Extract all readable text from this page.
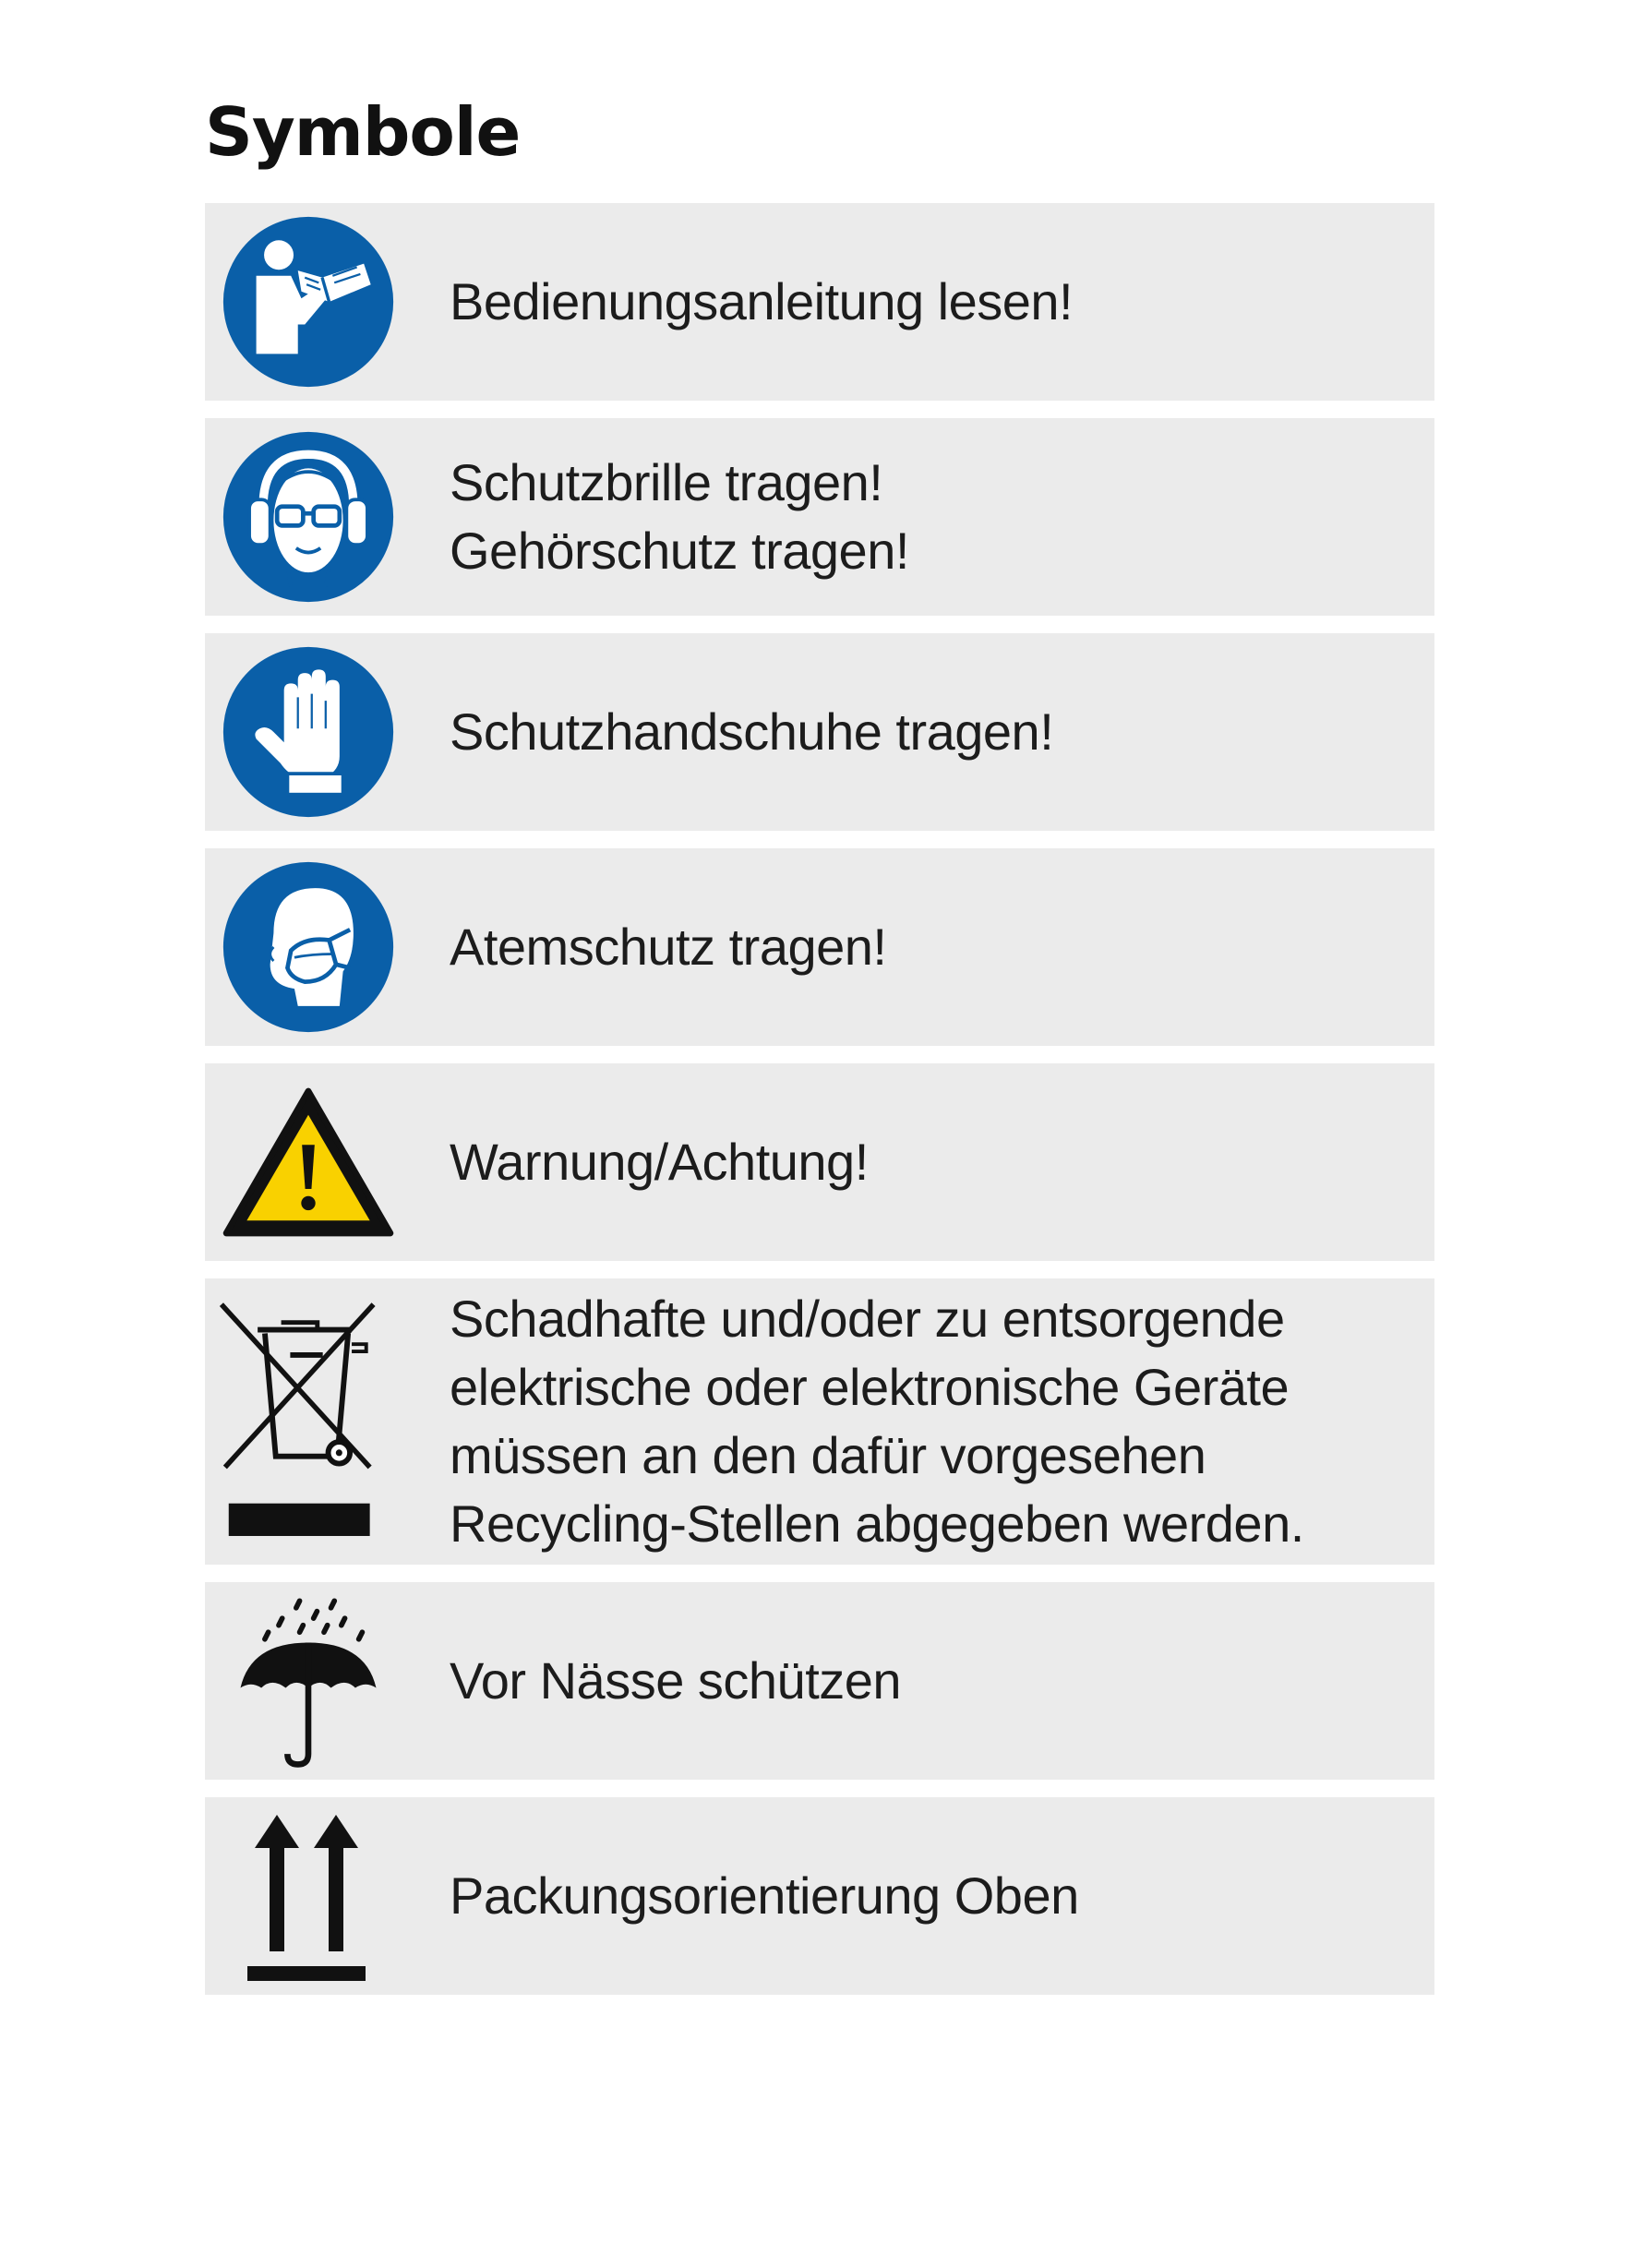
Symbole
Bedienungsanleitung lesen!
Schutzbrille tragen!
Gehörschutz tragen!
Schutzhandschuhe tragen!
Atemschutz tragen!
Warnung/Achtung!
Schadhafte und/oder zu entsorgende
elektrische oder elektronische Geräte
müssen an den dafür vorgesehen
Recycling-Stellen abgegeben werden.
Vor Nässe schützen
Packungsorientierung Oben
